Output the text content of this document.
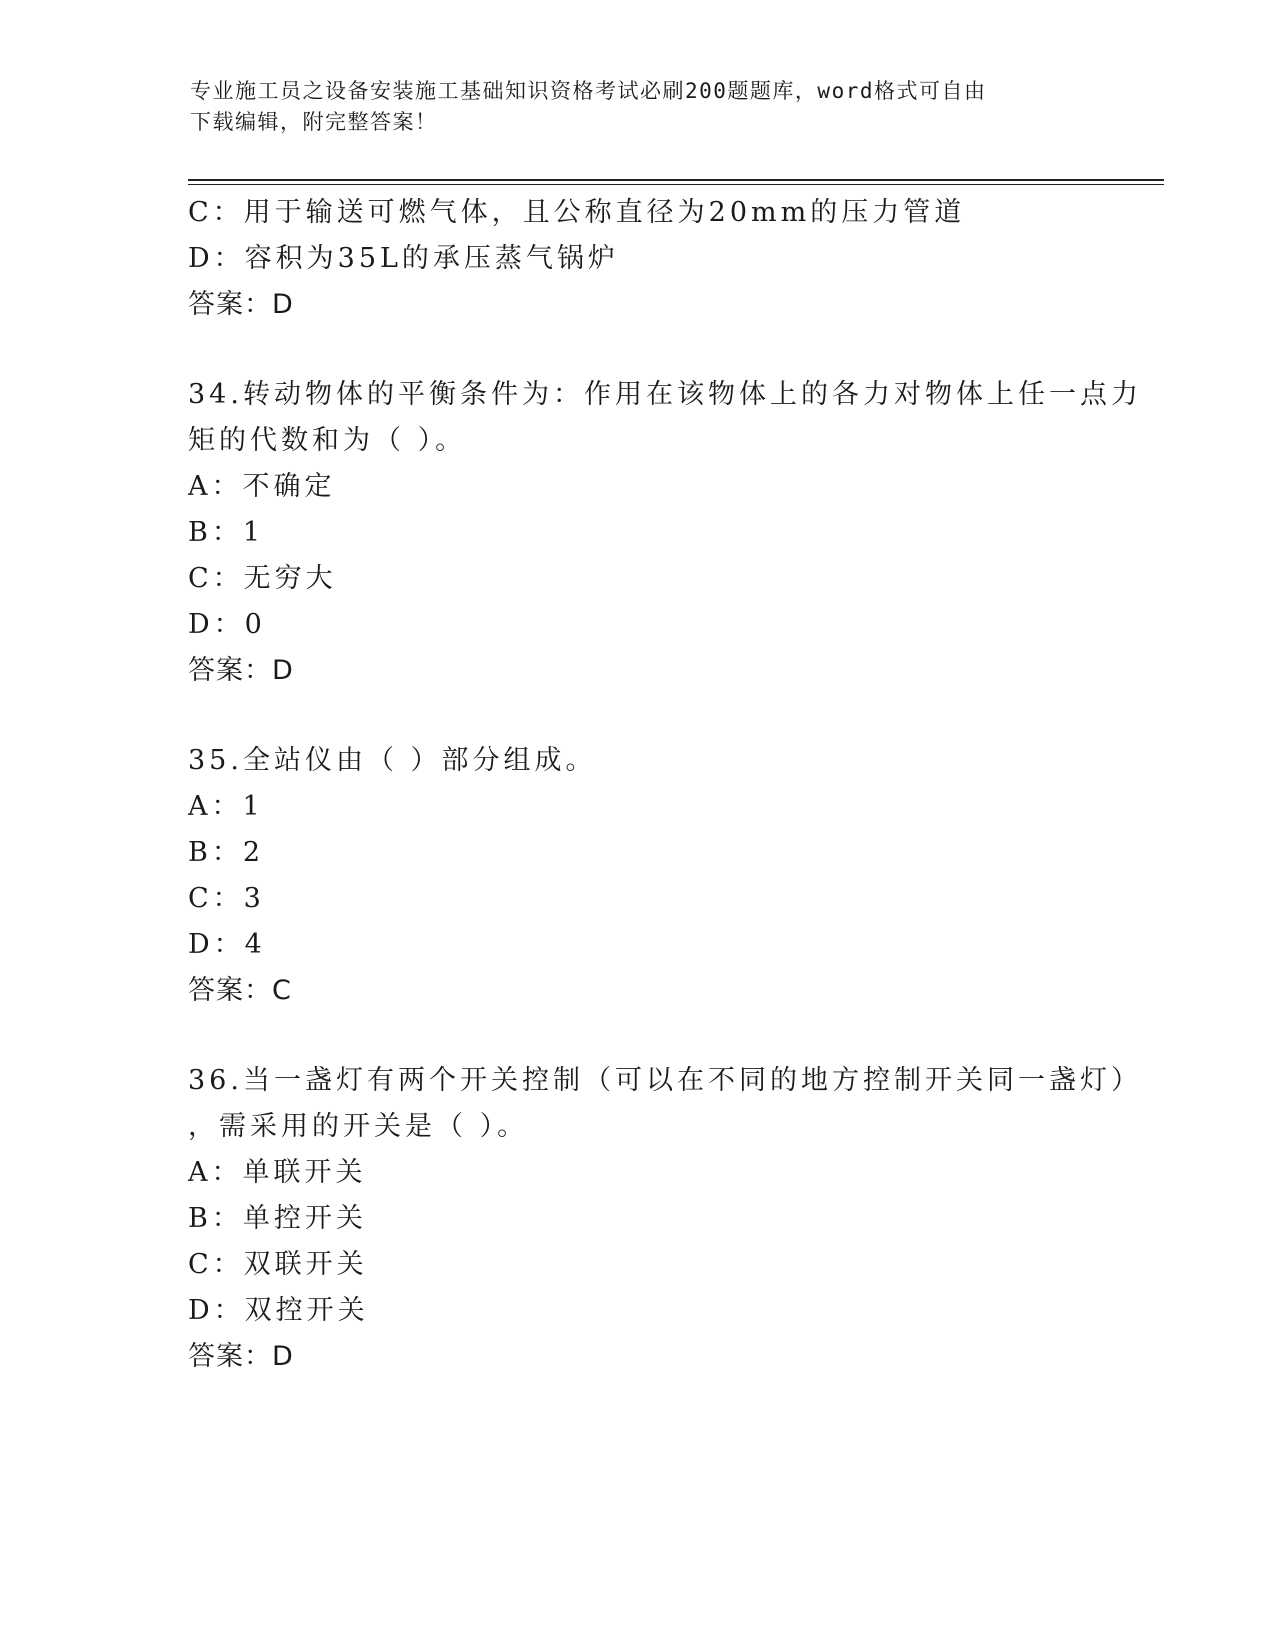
专业施工员之设备安装施工基础知识资格考试必刷200题题库，word格式可自由
下载编辑，附完整答案！
C：用于输送可燃气体，且公称直径为20mm的压力管道
D：容积为35L的承压蒸气锅炉
答案：D
34.转动物体的平衡条件为：作用在该物体上的各力对物体上任一点力
矩的代数和为（ ）。
A：不确定
B：1
C：无穷大
D：0
答案：D
35.全站仪由（ ）部分组成。
A：1
B：2
C：3
D：4
答案：C
36.当一盏灯有两个开关控制（可以在不同的地方控制开关同一盏灯）
，需采用的开关是（ ）。
A：单联开关
B：单控开关
C：双联开关
D：双控开关
答案：D
